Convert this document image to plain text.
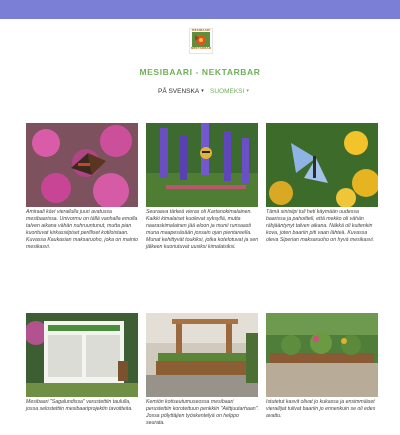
MESIBAARI
NEKTARBAR
MESIBAARI - NEKTARBAR
PÅ SVENSKA ▾ SUOMEKSI ▾
Amiraali kävi vierailulla juuri avatussa mesibaarissa. Univormu on tällä vanhalla emolla talven aikana vähän nuhruuntunut, mutta pian kuorituvat kirkassiipiset perilliset kotiloistaan. Kuvassa Kaukasian maksaruoho, joka on mainio mesikasvi.
Seuraava tärkeä vieras oli Kartanokimalainen. Kaikki kimalaiset kuolevat syksyllä, mutta naaraskimalainen jää eloon ja munii runsaasti muna maapesäsään jossain ojan pientareella. Munat kehittyvät toukiksi, jotka kotelotuvat ja sen jälkeen kuoriutuvat uusiksi kimalaisiksi.
Tämä sinisiipi tuli heti käymään uudessa baarissa ja pahoitteli, että mekko oli vähän rähjääntynyt talven aikana. Näkkä oli kuitenkin kova, joten baariin piti vaan lähteä. Kuvassa oleva Siperian maksaruoho on hyvä mesikasvi.
Mesibaari "Sagalundissa" varustettiin taululla, jossa selostettiin mesibaariprojektin tavoitteita.
Kemiön kotiseutumuseossa mesibaari perustettiin korotettuun penkkiin "Aiittjuutarhaan". Jossa pölyttäjien työskentelyä on helppo seurata.
Istutetut kasvit olivat jo kukassa ja ensimmäiset vierailijat tulivat baariin jo ennenkuin se oli edes avattu.
